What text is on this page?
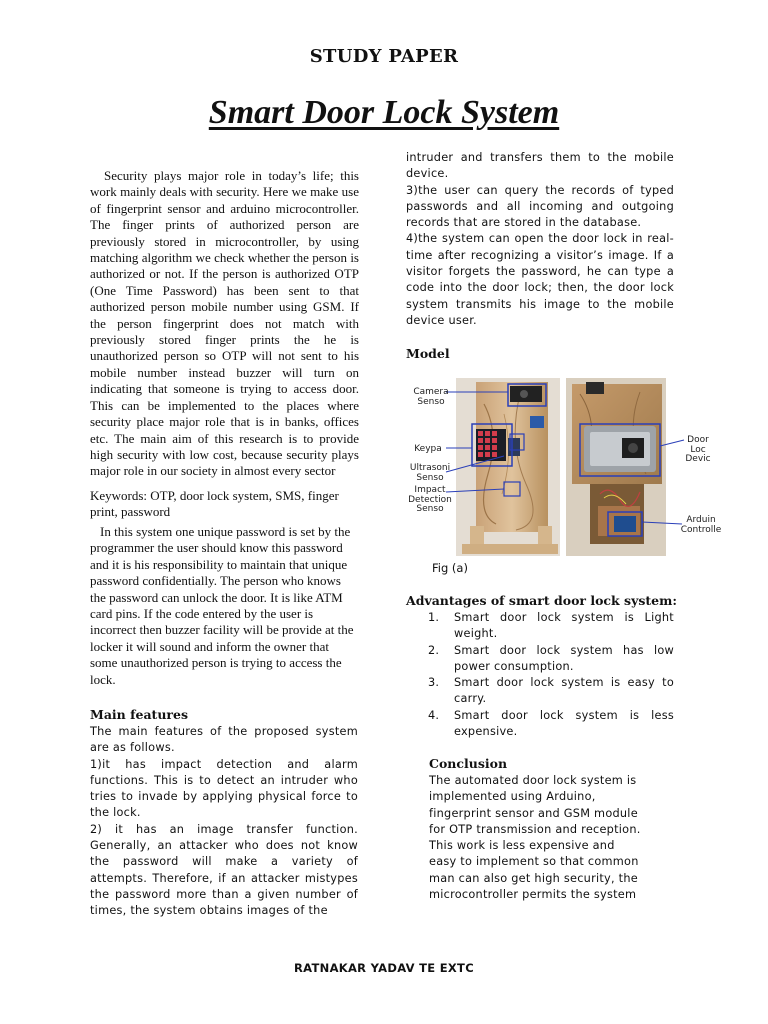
STUDY PAPER
Smart Door Lock System

Security plays major role in today’s life; this work mainly deals with security. Here we make use of fingerprint sensor and arduino microcontroller. The finger prints of authorized person are previously stored in microcontroller, by using matching algorithm we check whether the person is authorized or not. If the person is authorized OTP (One Time Password) has been sent to that authorized person mobile number using GSM. If the person fingerprint does not match with previously stored finger prints the he is unauthorized person so OTP will not sent to his mobile number instead buzzer will turn on indicating that someone is trying to access door. This can be implemented to the places where security place major role that is in banks, offices etc. The main aim of this research is to provide high security with low cost, because security plays major role in our society in almost every sector

Keywords: OTP, door lock system, SMS, finger print, password

In this system one unique password is set by the programmer the user should know this password and it is his responsibility to maintain that unique password confidentially. The person who knows the password can unlock the door. It is like ATM card pins. If the code entered by the user is incorrect then buzzer facility will be provide at the locker it will sound and inform the owner that some unauthorized person is trying to access the lock.

Main features

The main features of the proposed system are as follows.

1)it has impact detection and alarm functions. This is to detect an intruder who tries to invade by applying physical force to the lock.

2) it has an image transfer function. Generally, an attacker who does not know the password will make a variety of attempts. Therefore, if an attacker mistypes the password more than a given number of times, the system obtains images of the

intruder and transfers them to the mobile device.

3)the user can query the records of typed passwords and all incoming and outgoing records that are stored in the database.

4)the system can open the door lock in real-time after recognizing a visitor’s image. If a visitor forgets the password, he can type a code into the door lock; then, the door lock system transmits his image to the mobile device user.

Model
Camera Senso
Keypa
Ultrasoni Senso
Impact Detection Senso
Door Loc Devic
Arduin Controlle
Fig (a)
Advantages of smart door lock system:
1.	Smart door lock system is Light weight.
2.	Smart door lock system has low power consumption.
3.	Smart door lock system is easy to carry.
4.	Smart door lock system is less expensive.
Conclusion

The automated door lock system is implemented using Arduino, fingerprint sensor and GSM module for OTP transmission and reception. This work is less expensive and easy to implement so that common man can also get high security, the microcontroller permits the system

RATNAKAR YADAV TE EXTC
